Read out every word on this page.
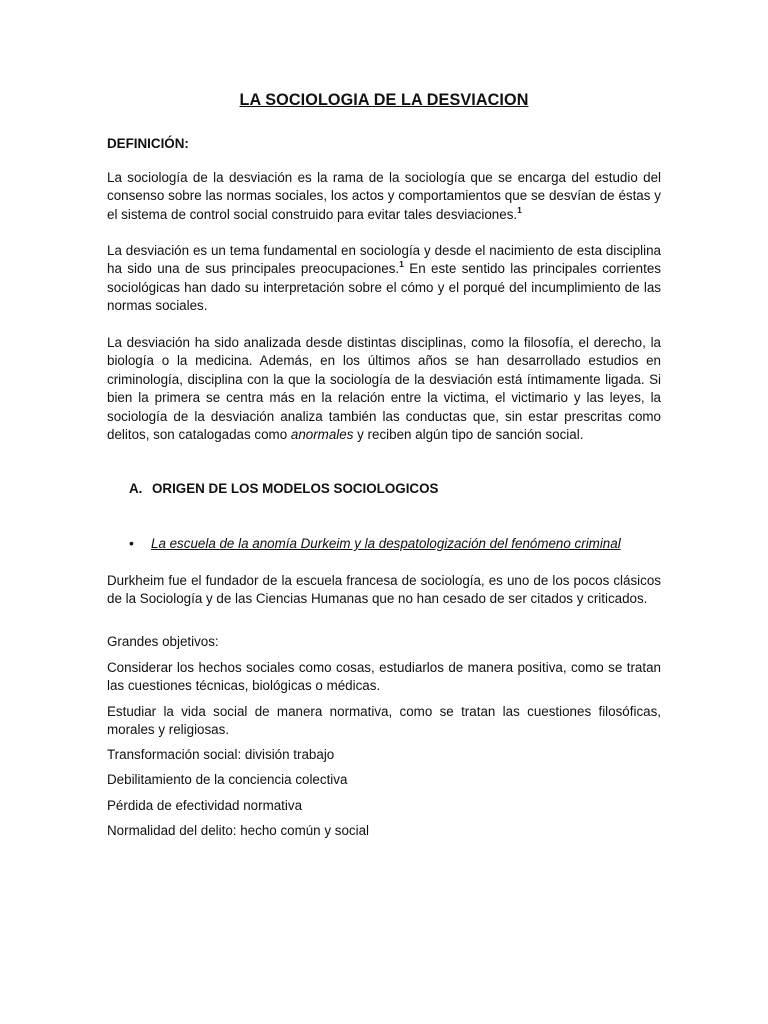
LA SOCIOLOGIA DE LA DESVIACION
DEFINICIÓN:

La sociología de la desviación es la rama de la sociología que se encarga del estudio del consenso sobre las normas sociales, los actos y comportamientos que se desvían de éstas y el sistema de control social construido para evitar tales desviaciones.$^1$

La desviación es un tema fundamental en sociología y desde el nacimiento de esta disciplina ha sido una de sus principales preocupaciones.$^1$ En este sentido las principales corrientes sociológicas han dado su interpretación sobre el cómo y el porqué del incumplimiento de las normas sociales.

La desviación ha sido analizada desde distintas disciplinas, como la filosofía, el derecho, la biología o la medicina. Además, en los últimos años se han desarrollado estudios en criminología, disciplina con la que la sociología de la desviación está íntimamente ligada. Si bien la primera se centra más en la relación entre la victima, el victimario y las leyes, la sociología de la desviación analiza también las conductas que, sin estar prescritas como delitos, son catalogadas como anormales y reciben algún tipo de sanción social.

A. ORIGEN DE LOS MODELOS SOCIOLOGICOS
• La escuela de la anomía Durkeim y la despatologización del fenómeno criminal

Durkheim fue el fundador de la escuela francesa de sociología, es uno de los pocos clásicos de la Sociología y de las Ciencias Humanas que no han cesado de ser citados y criticados.

Grandes objetivos:

Considerar los hechos sociales como cosas, estudiarlos de manera positiva, como se tratan las cuestiones técnicas, biológicas o médicas.

Estudiar la vida social de manera normativa, como se tratan las cuestiones filosóficas, morales y religiosas.

Transformación social: división trabajo

Debilitamiento de la conciencia colectiva

Pérdida de efectividad normativa

Normalidad del delito: hecho común y social
